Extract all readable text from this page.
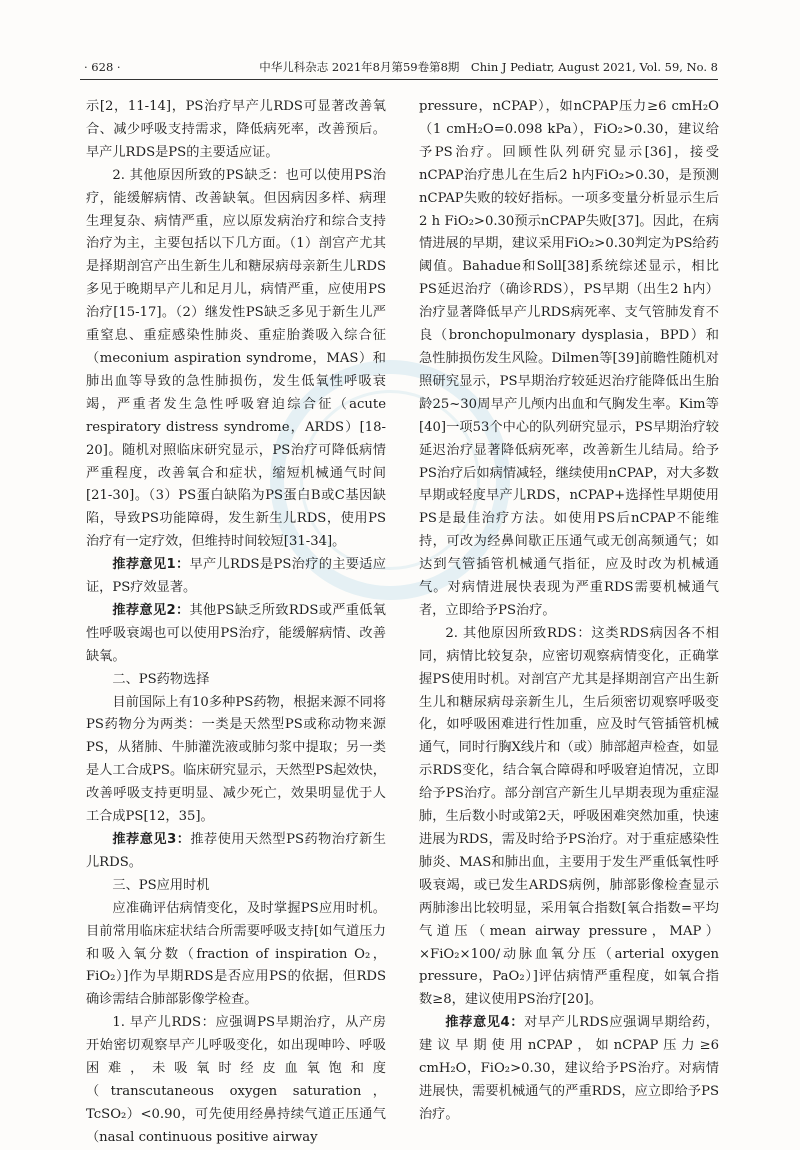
· 628 ·	中华儿科杂志 2021年8月第59卷第8期　Chin J Pediatr, August 2021, Vol. 59, No. 8

示[2，11-14]，PS治疗早产儿RDS可显著改善氧合、减少呼吸支持需求，降低病死率，改善预后。早产儿RDS是PS的主要适应证。

2. 其他原因所致的PS缺乏：也可以使用PS治疗，能缓解病情、改善缺氧。但因病因多样、病理生理复杂、病情严重，应以原发病治疗和综合支持治疗为主，主要包括以下几方面。（1）剖宫产尤其是择期剖宫产出生新生儿和糖尿病母亲新生儿RDS多见于晚期早产儿和足月儿，病情严重，应使用PS治疗[15-17]。（2）继发性PS缺乏多见于新生儿严重窒息、重症感染性肺炎、重症胎粪吸入综合征（meconium aspiration syndrome，MAS）和肺出血等导致的急性肺损伤，发生低氧性呼吸衰竭，严重者发生急性呼吸窘迫综合征（acute respiratory distress syndrome，ARDS）[18-20]。随机对照临床研究显示，PS治疗可降低病情严重程度，改善氧合和症状，缩短机械通气时间[21-30]。（3）PS蛋白缺陷为PS蛋白B或C基因缺陷，导致PS功能障碍，发生新生儿RDS，使用PS治疗有一定疗效，但维持时间较短[31-34]。

推荐意见1：早产儿RDS是PS治疗的主要适应证，PS疗效显著。

推荐意见2：其他PS缺乏所致RDS或严重低氧性呼吸衰竭也可以使用PS治疗，能缓解病情、改善缺氧。

二、PS药物选择

目前国际上有10多种PS药物，根据来源不同将PS药物分为两类：一类是天然型PS或称动物来源PS，从猪肺、牛肺灌洗液或肺匀浆中提取；另一类是人工合成PS。临床研究显示，天然型PS起效快，改善呼吸支持更明显、减少死亡，效果明显优于人工合成PS[12，35]。

推荐意见3：推荐使用天然型PS药物治疗新生儿RDS。

三、PS应用时机

应准确评估病情变化，及时掌握PS应用时机。目前常用临床症状结合所需要呼吸支持[如气道压力和吸入氧分数（fraction of inspiration O₂，FiO₂）]作为早期RDS是否应用PS的依据，但RDS确诊需结合肺部影像学检查。

1. 早产儿RDS：应强调PS早期治疗，从产房开始密切观察早产儿呼吸变化，如出现呻吟、呼吸困难，未吸氧时经皮血氧饱和度（transcutaneous oxygen saturation，TcSO₂）<0.90，可先使用经鼻持续气道正压通气（nasal continuous positive airway

pressure，nCPAP），如nCPAP压力≥6 cmH₂O（1 cmH₂O=0.098 kPa），FiO₂>0.30，建议给予PS治疗。回顾性队列研究显示[36]，接受nCPAP治疗患儿在生后2 h内FiO₂>0.30，是预测nCPAP失败的较好指标。一项多变量分析显示生后2 h FiO₂>0.30预示nCPAP失败[37]。因此，在病情进展的早期，建议采用FiO₂>0.30判定为PS给药阈值。Bahadue和Soll[38]系统综述显示，相比PS延迟治疗（确诊RDS），PS早期（出生2 h内）治疗显著降低早产儿RDS病死率、支气管肺发育不良（bronchopulmonary dysplasia，BPD）和急性肺损伤发生风险。Dilmen等[39]前瞻性随机对照研究显示，PS早期治疗较延迟治疗能降低出生胎龄25~30周早产儿颅内出血和气胸发生率。Kim等[40]一项53个中心的队列研究显示，PS早期治疗较延迟治疗显著降低病死率，改善新生儿结局。给予PS治疗后如病情减轻，继续使用nCPAP，对大多数早期或轻度早产儿RDS，nCPAP+选择性早期使用PS是最佳治疗方法。如使用PS后nCPAP不能维持，可改为经鼻间歇正压通气或无创高频通气；如达到气管插管机械通气指征，应及时改为机械通气。对病情进展快表现为严重RDS需要机械通气者，立即给予PS治疗。

2. 其他原因所致RDS：这类RDS病因各不相同，病情比较复杂，应密切观察病情变化，正确掌握PS使用时机。对剖宫产尤其是择期剖宫产出生新生儿和糖尿病母亲新生儿，生后须密切观察呼吸变化，如呼吸困难进行性加重，应及时气管插管机械通气，同时行胸X线片和（或）肺部超声检查，如显示RDS变化，结合氧合障碍和呼吸窘迫情况，立即给予PS治疗。部分剖宫产新生儿早期表现为重症湿肺，生后数小时或第2天，呼吸困难突然加重，快速进展为RDS，需及时给予PS治疗。对于重症感染性肺炎、MAS和肺出血，主要用于发生严重低氧性呼吸衰竭，或已发生ARDS病例，肺部影像检查显示两肺渗出比较明显，采用氧合指数[氧合指数=平均气道压（mean airway pressure，MAP）×FiO₂×100/动脉血氧分压（arterial oxygen pressure，PaO₂）]评估病情严重程度，如氧合指数≥8，建议使用PS治疗[20]。

推荐意见4：对早产儿RDS应强调早期给药，建议早期使用nCPAP，如nCPAP压力≥6 cmH₂O，FiO₂>0.30，建议给予PS治疗。对病情进展快，需要机械通气的严重RDS，应立即给予PS治疗。
